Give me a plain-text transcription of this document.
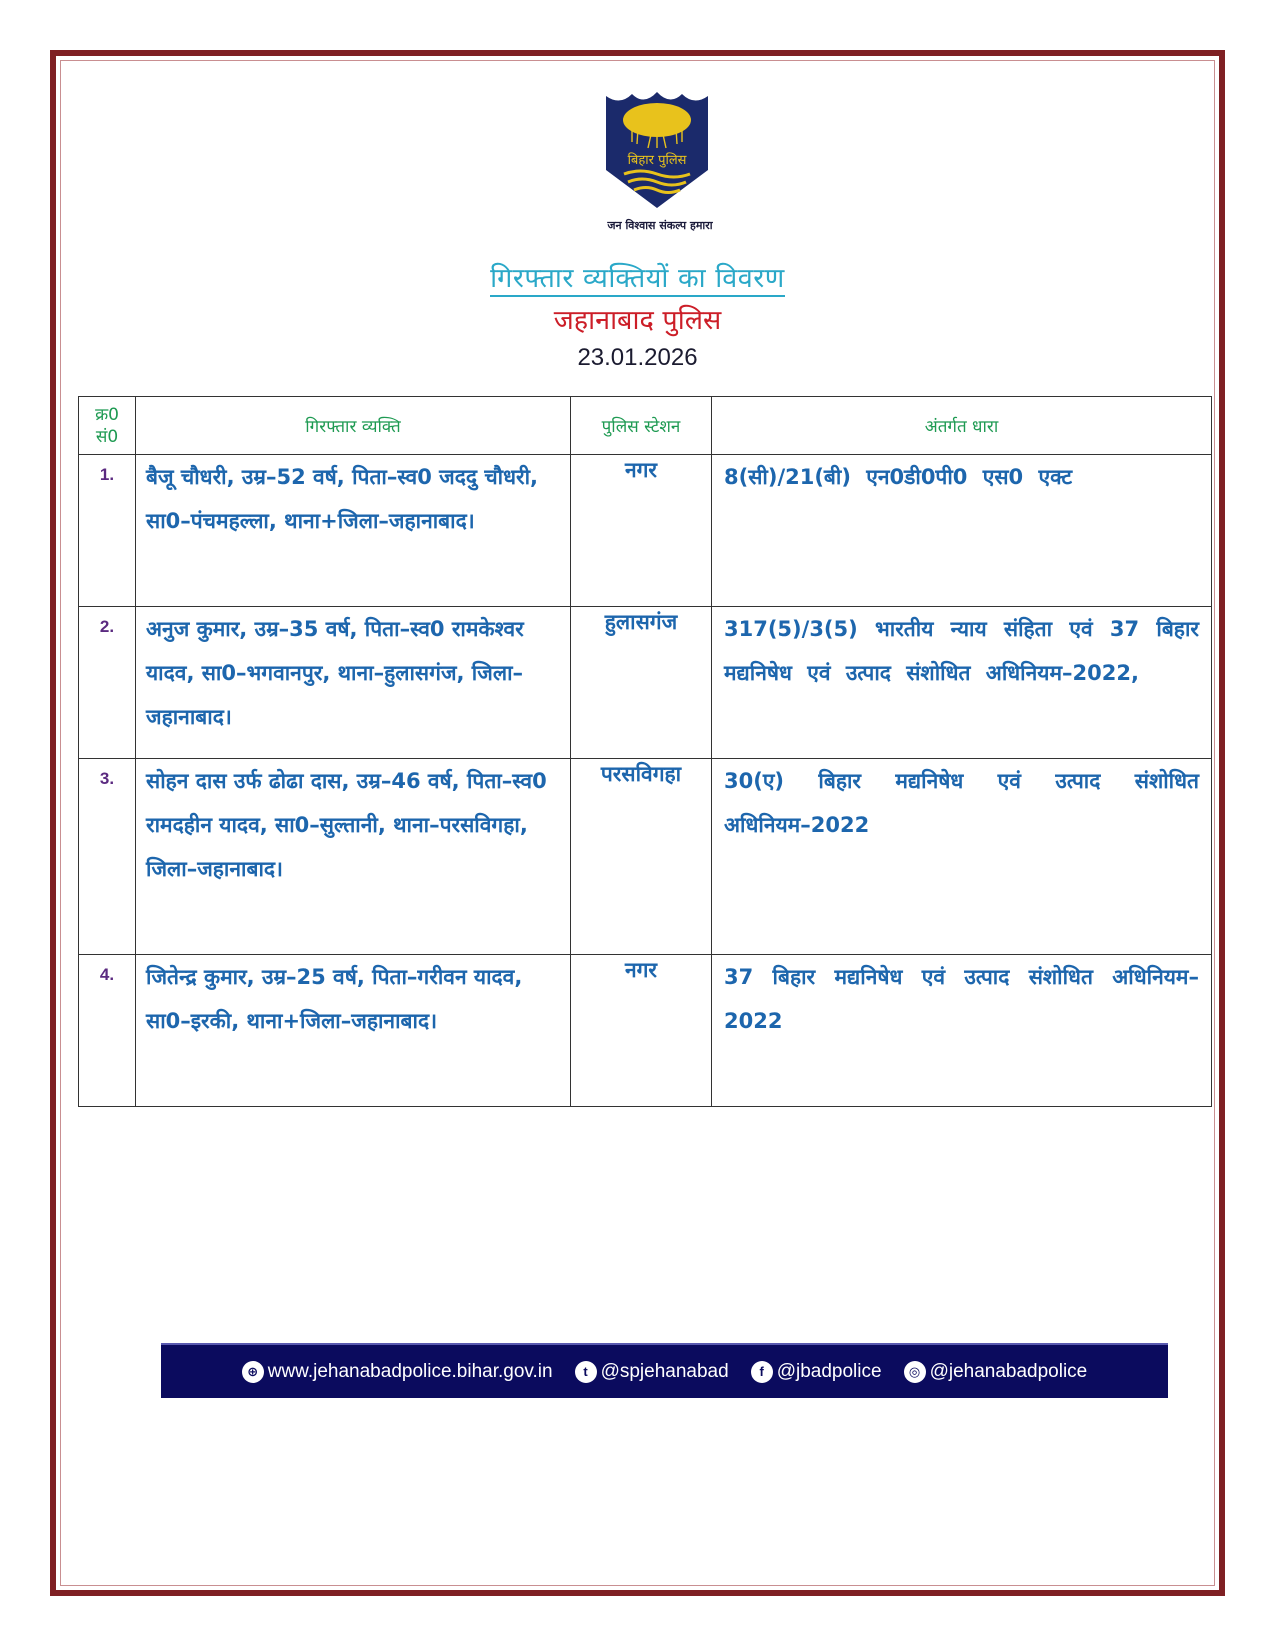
बिहार पुलिस
जन विश्वास संकल्प हमारा
गिरफ्तार व्यक्तियों का विवरण
जहानाबाद पुलिस
23.01.2026
क्र0
सं0	गिरफ्तार व्यक्ति	पुलिस स्टेशन	अंतर्गत धारा
1.	बैजू चौधरी, उम्र–52 वर्ष, पिता–स्व0 जददु चौधरी, सा0–पंचमहल्ला, थाना+जिला–जहानाबाद।	नगर	8(सी)/21(बी) एन0डी0पी0 एस0 एक्ट
2.	अनुज कुमार, उम्र–35 वर्ष, पिता–स्व0 रामकेश्वर यादव, सा0–भगवानपुर, थाना–हुलासगंज, जिला–जहानाबाद।	हुलासगंज	317(5)/3(5) भारतीय न्याय संहिता एवं 37 बिहार मद्यनिषेध एवं उत्पाद संशोधित अधिनियम–2022,
3.	सोहन दास उर्फ ढोढा दास, उम्र–46 वर्ष, पिता–स्व0 रामदहीन यादव, सा0–सुल्तानी, थाना–परसविगहा, जिला–जहानाबाद।	परसविगहा	30(ए) बिहार मद्यनिषेध एवं उत्पाद संशोधित अधिनियम–2022
4.	जितेन्द्र कुमार, उम्र–25 वर्ष, पिता–गरीवन यादव, सा0–इरकी, थाना+जिला–जहानाबाद।	नगर	37 बिहार मद्यनिषेध एवं उत्पाद संशोधित अधिनियम–2022
⊕ www.jehanabadpolice.bihar.gov.in	t @spjehanabad	f @jbadpolice	◎ @jehanabadpolice
